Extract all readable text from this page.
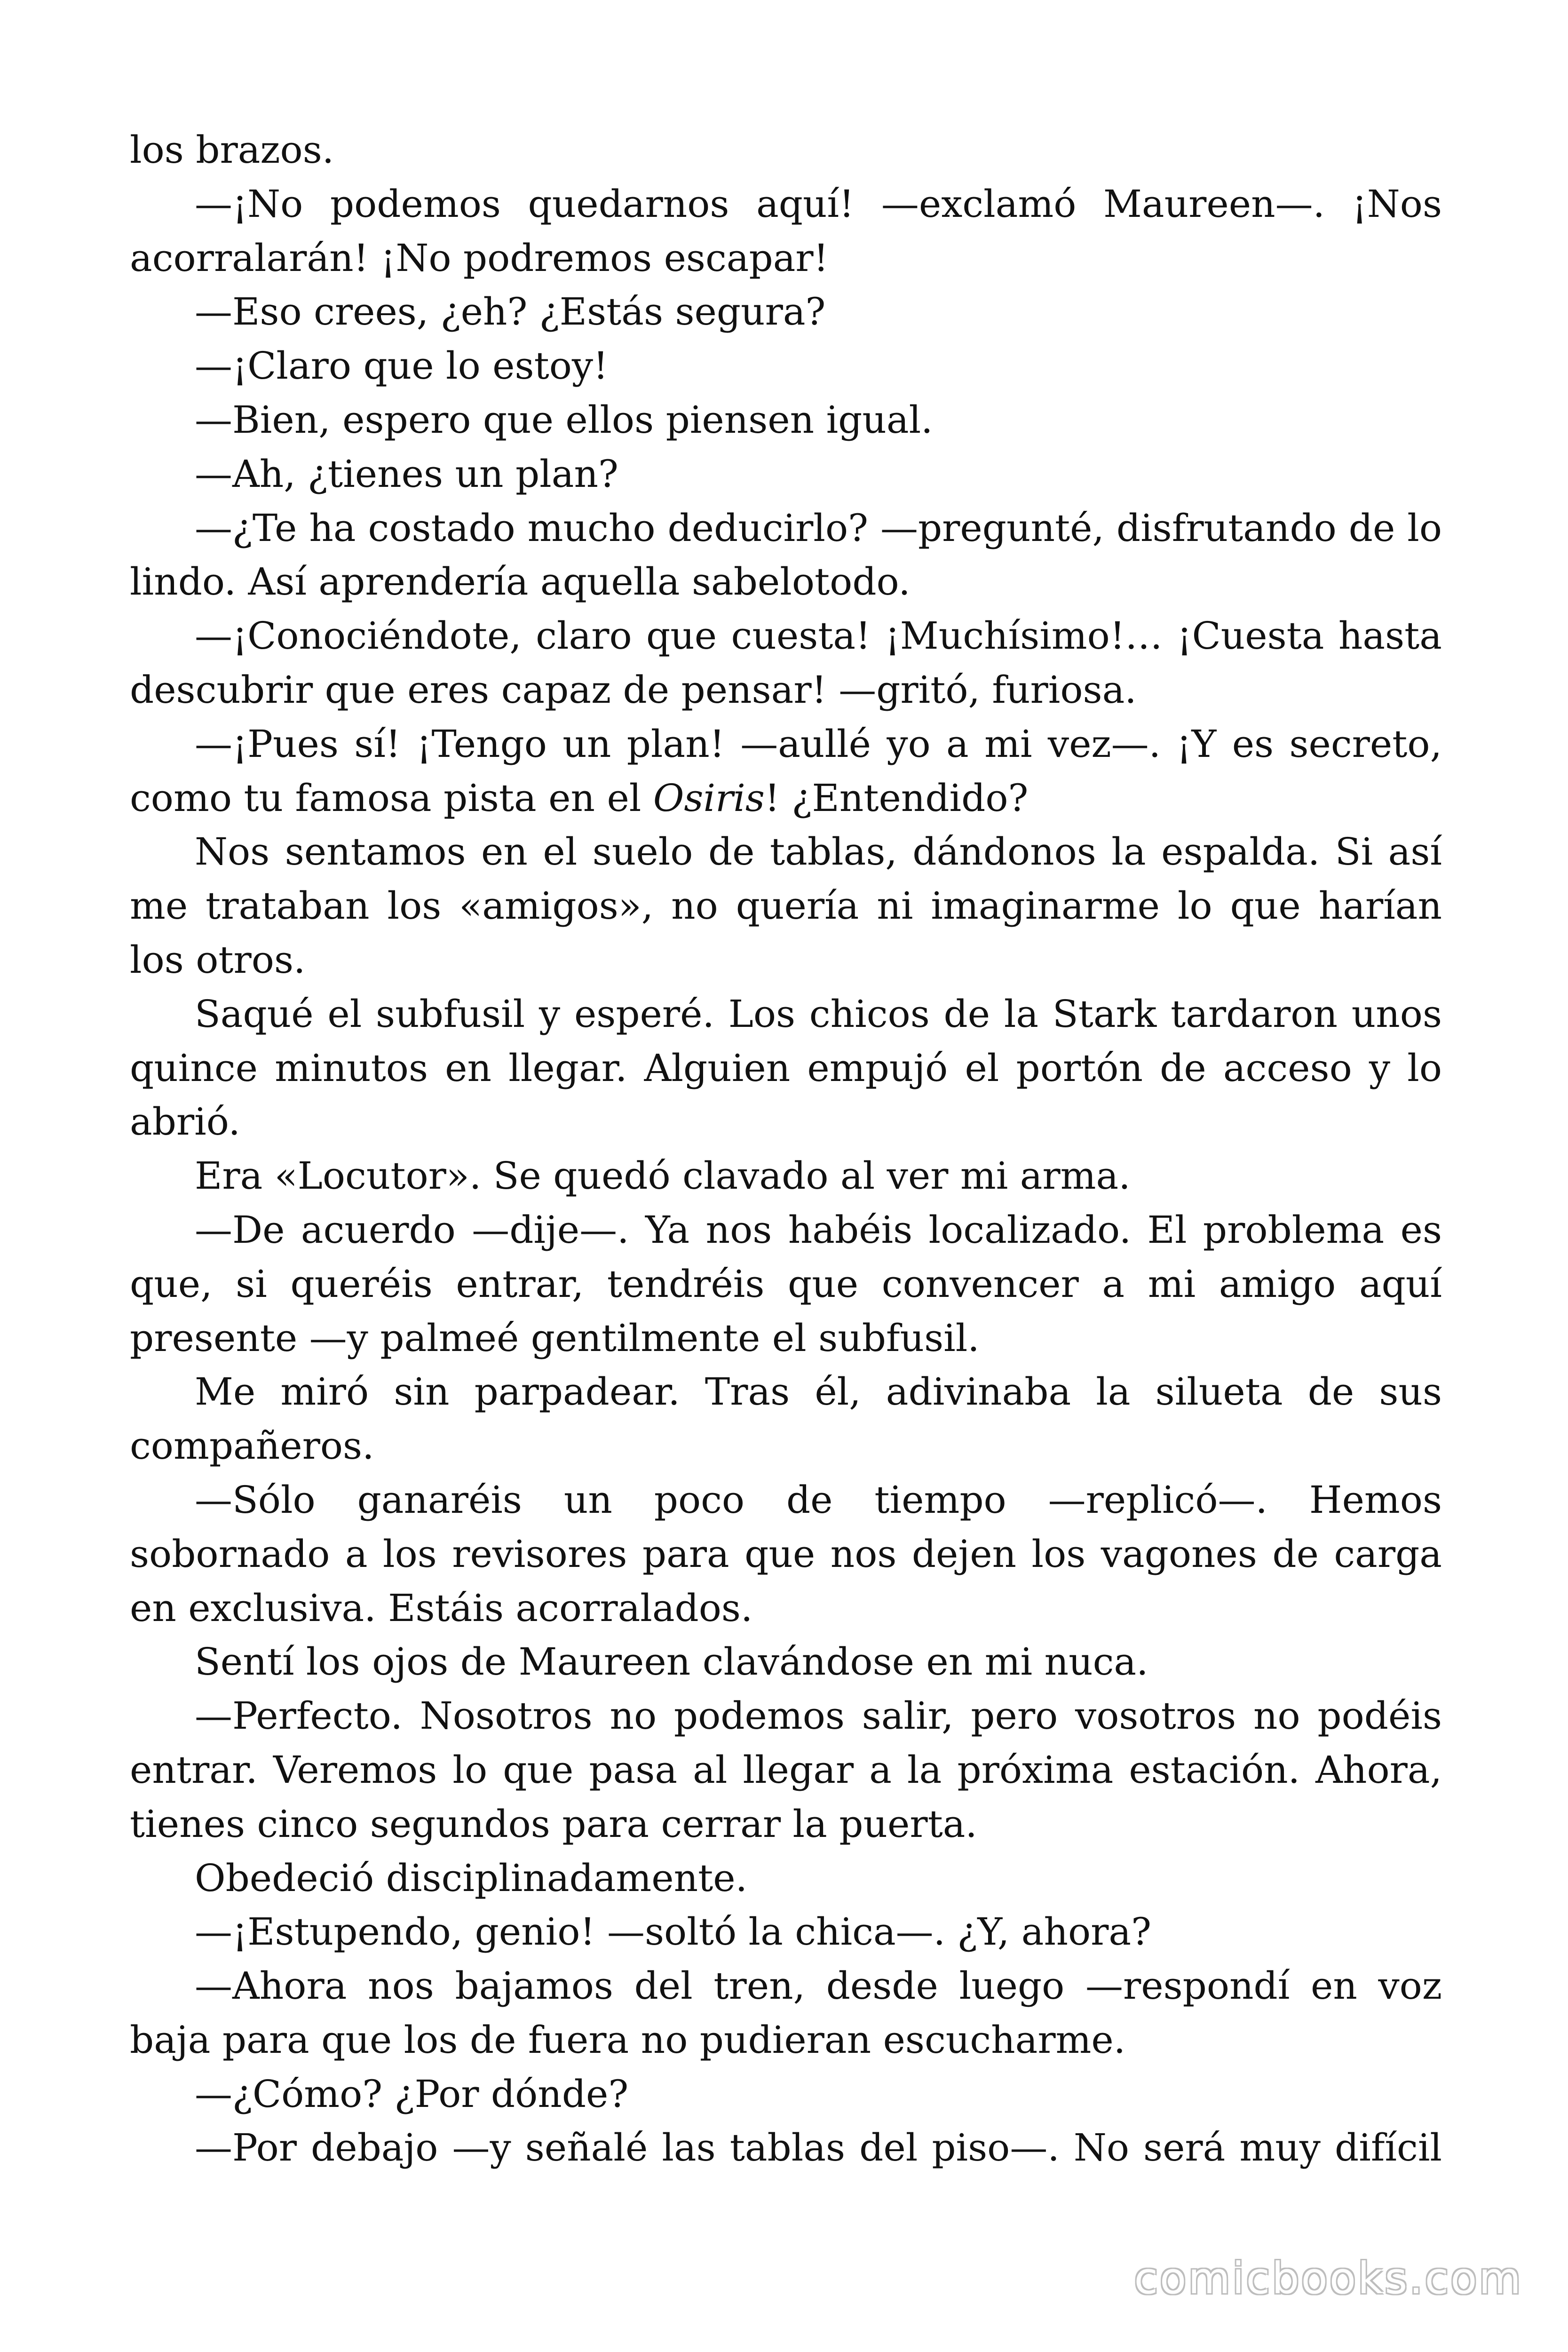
los brazos.

—¡No podemos quedarnos aquí! —exclamó Maureen—. ¡Nos acorralarán! ¡No podremos escapar!

—Eso crees, ¿eh? ¿Estás segura?

—¡Claro que lo estoy!

—Bien, espero que ellos piensen igual.

—Ah, ¿tienes un plan?

—¿Te ha costado mucho deducirlo? —pregunté, disfrutando de lo lindo. Así aprendería aquella sabelotodo.

—¡Conociéndote, claro que cuesta! ¡Muchísimo!… ¡Cuesta hasta descubrir que eres capaz de pensar! —gritó, furiosa.

—¡Pues sí! ¡Tengo un plan! —aullé yo a mi vez—. ¡Y es secreto, como tu famosa pista en el Osiris! ¿Entendido?

Nos sentamos en el suelo de tablas, dándonos la espalda. Si así me trataban los «amigos», no quería ni imaginarme lo que harían los otros.

Saqué el subfusil y esperé. Los chicos de la Stark tardaron unos quince minutos en llegar. Alguien empujó el portón de acceso y lo abrió.

Era «Locutor». Se quedó clavado al ver mi arma.

—De acuerdo —dije—. Ya nos habéis localizado. El problema es que, si queréis entrar, tendréis que convencer a mi amigo aquí presente —y palmeé gentilmente el subfusil.

Me miró sin parpadear. Tras él, adivinaba la silueta de sus compañeros.

—Sólo ganaréis un poco de tiempo —replicó—. Hemos sobornado a los revisores para que nos dejen los vagones de carga en exclusiva. Estáis acorralados.

Sentí los ojos de Maureen clavándose en mi nuca.

—Perfecto. Nosotros no podemos salir, pero vosotros no podéis entrar. Veremos lo que pasa al llegar a la próxima estación. Ahora, tienes cinco segundos para cerrar la puerta.

Obedeció disciplinadamente.

—¡Estupendo, genio! —soltó la chica—. ¿Y, ahora?

—Ahora nos bajamos del tren, desde luego —respondí en voz baja para que los de fuera no pudieran escucharme.

—¿Cómo? ¿Por dónde?

—Por debajo —y señalé las tablas del piso—. No será muy difícil

comicbooks.com
